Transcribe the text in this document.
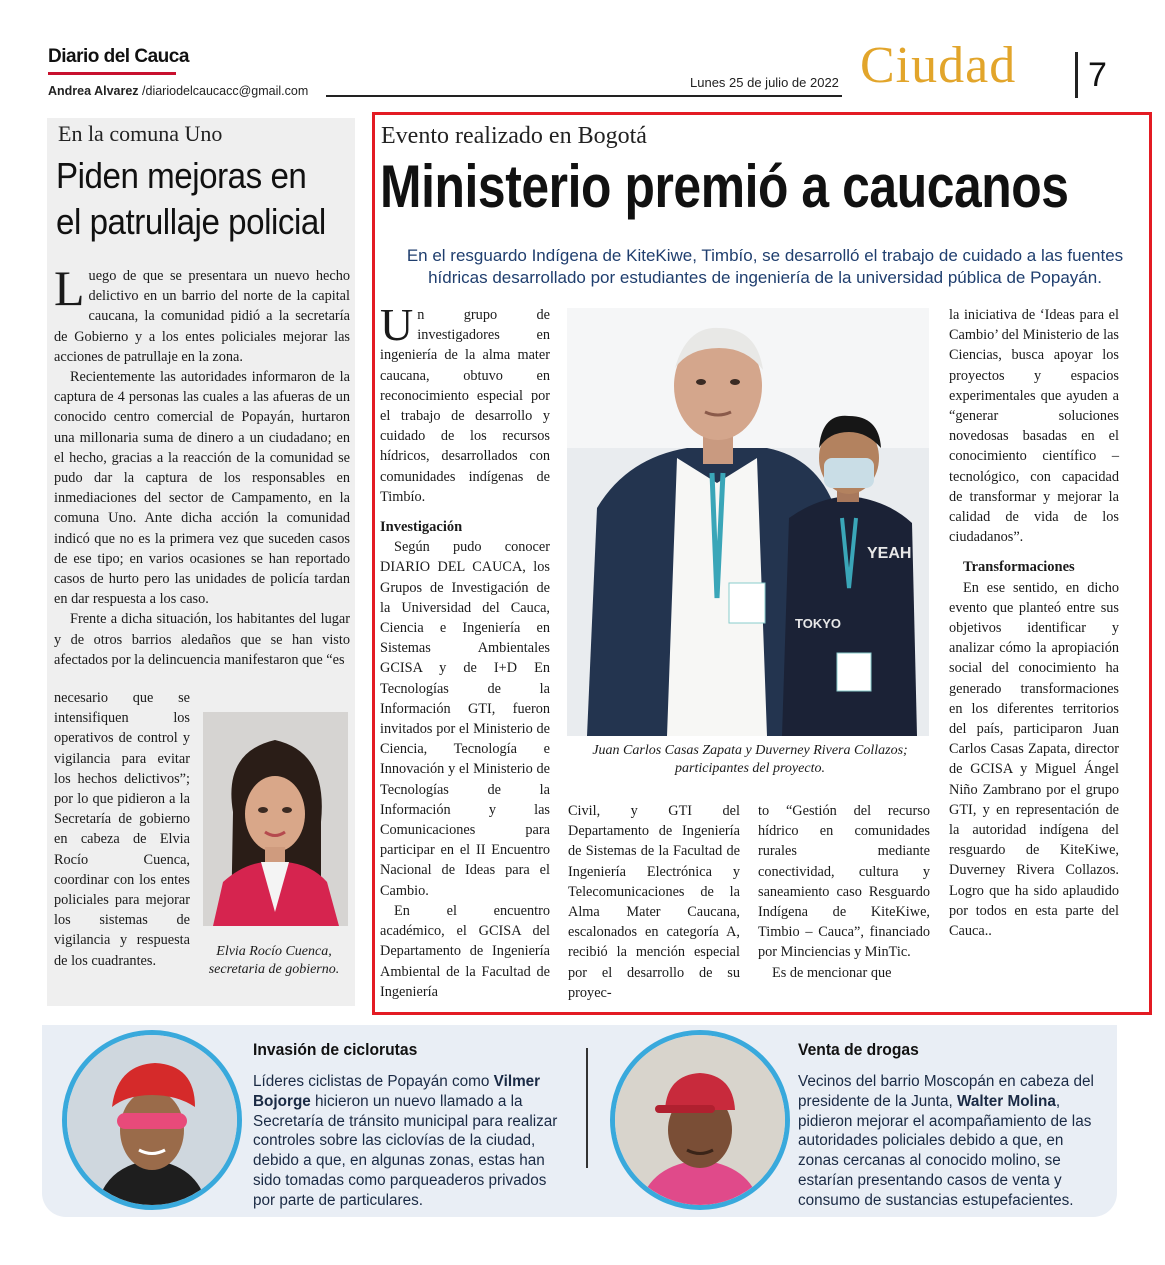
Diario del Cauca
Andrea Alvarez /diariodelcaucacc@gmail.com
Lunes 25 de julio de 2022 Ciudad 7
En la comuna Uno
Piden mejoras en el patrullaje policial

Luego de que se presentara un nuevo hecho delictivo en un barrio del norte de la capital caucana, la comunidad pidió a la secretaría de Gobierno y a los entes policiales mejorar las acciones de patrullaje en la zona.

Recientemente las autoridades informaron de la captura de 4 personas las cuales a las afueras de un conocido centro comercial de Popayán, hurtaron una millonaria suma de dinero a un ciudadano; en el hecho, gracias a la reacción de la comunidad se pudo dar la captura de los responsables en inmediaciones del sector de Campamento, en la comuna Uno. Ante dicha acción la comunidad indicó que no es la primera vez que suceden casos de ese tipo; en varios ocasiones se han reportado casos de hurto pero las unidades de policía tardan en dar respuesta a los caso.

Frente a dicha situación, los habitantes del lugar y de otros barrios aledaños que se han visto afectados por la delincuencia manifestaron que “es

necesario que se intensifiquen los operativos de control y vigilancia para evitar los hechos delictivos”; por lo que pidieron a la Secretaría de gobierno en cabeza de Elvia Rocío Cuenca, coordinar con los entes policiales para mejorar los sistemas de vigilancia y respuesta de los cuadrantes.
Elvia Rocío Cuenca, secretaria de gobierno.
Evento realizado en Bogotá
Ministerio premió a caucanos
En el resguardo Indígena de KiteKiwe, Timbío, se desarrolló el trabajo de cuidado a las fuentes hídricas desarrollado por estudiantes de ingeniería de la universidad pública de Popayán.

Un grupo de investigadores en ingeniería de la alma mater caucana, obtuvo en reconocimiento especial por el trabajo de desarrollo y cuidado de los recursos hídricos, desarrollados con comunidades indígenas de Timbío.

Investigación

Según pudo conocer DIARIO DEL CAUCA, los Grupos de Investigación de la Universidad del Cauca, Ciencia e Ingeniería en Sistemas Ambientales GCISA y de I+D En Tecnologías de la Información GTI, fueron invitados por el Ministerio de Ciencia, Tecnología e Innovación y el Ministerio de Tecnologías de la Información y las Comunicaciones para participar en el II Encuentro Nacional de Ideas para el Cambio.

En el encuentro académico, el GCISA del Departamento de Ingeniería Ambiental de la Facultad de Ingeniería

YEAH
TOKYO
Juan Carlos Casas Zapata y Duverney Rivera Collazos; participantes del proyecto.

Civil, y GTI del Departamento de Ingeniería de Sistemas de la Facultad de Ingeniería Electrónica y Telecomunicaciones de la Alma Mater Caucana, escalonados en categoría A, recibió la mención especial por el desarrollo de su proyec-

to “Gestión del recurso hídrico en comunidades rurales mediante conectividad, cultura y saneamiento caso Resguardo Indígena de KiteKiwe, Timbio – Cauca”, financiado por Minciencias y MinTic.

Es de mencionar que

la iniciativa de ‘Ideas para el Cambio’ del Ministerio de las Ciencias, busca apoyar los proyectos y espacios experimentales que ayuden a “generar soluciones novedosas basadas en el conocimiento científico – tecnológico, con capacidad de transformar y mejorar la calidad de vida de los ciudadanos”.

Transformaciones

En ese sentido, en dicho evento que planteó entre sus objetivos identificar y analizar cómo la apropiación social del conocimiento ha generado transformaciones en los diferentes territorios del país, participaron Juan Carlos Casas Zapata, director de GCISA y Miguel Ángel Niño Zambrano por el grupo GTI, y en representación de la autoridad indígena del resguardo de KiteKiwe, Duverney Rivera Collazos. Logro que ha sido aplaudido por todos en esta parte del Cauca..

Invasión de ciclorutas
Líderes ciclistas de Popayán como Vilmer Bojorge hicieron un nuevo llamado a la Secretaría de tránsito municipal para realizar controles sobre las ciclovías de la ciudad, debido a que, en algunas zonas, estas han sido tomadas como parqueaderos privados por parte de particulares.
Venta de drogas
Vecinos del barrio Moscopán en cabeza del presidente de la Junta, Walter Molina, pidieron mejorar el acompañamiento de las autoridades policiales debido a que, en zonas cercanas al conocido molino, se estarían presentando casos de venta y consumo de sustancias estupefacientes.
